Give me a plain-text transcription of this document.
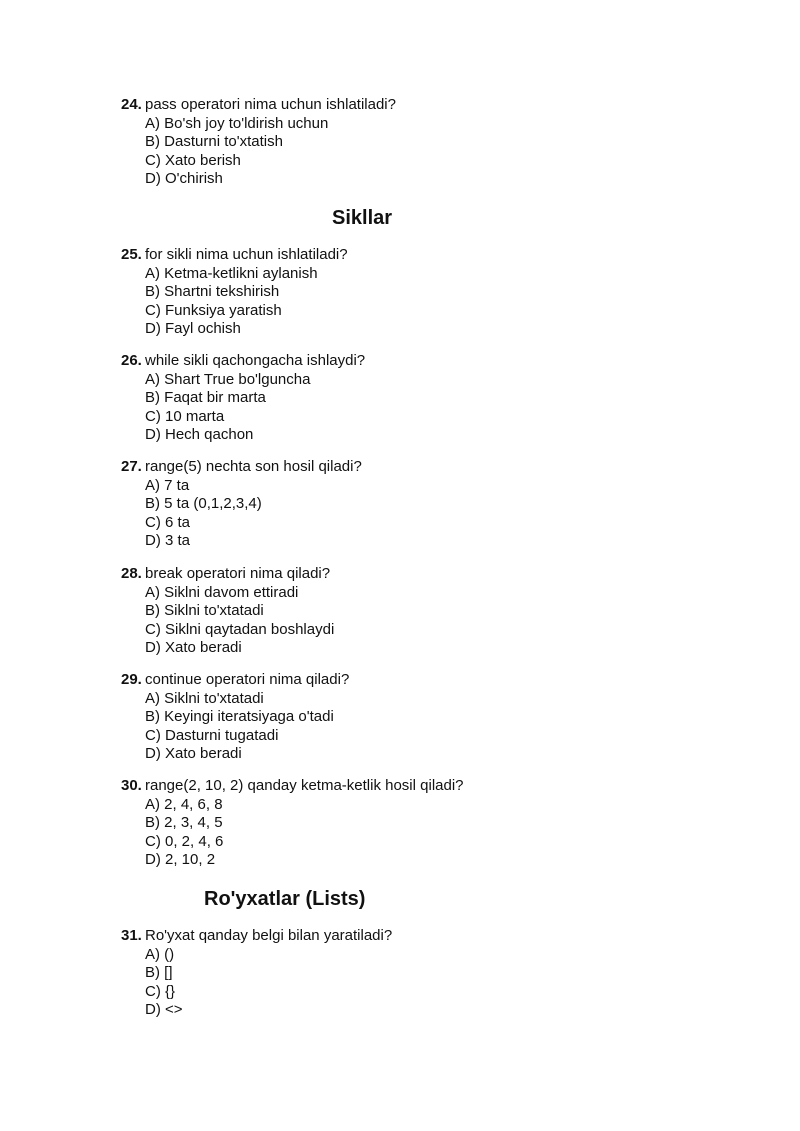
24. pass operatori nima uchun ishlatiladi?
A) Bo'sh joy to'ldirish uchun
B) Dasturni to'xtatish
C) Xato berish
D) O'chirish
Sikllar
25. for sikli nima uchun ishlatiladi?
A) Ketma-ketlikni aylanish
B) Shartni tekshirish
C) Funksiya yaratish
D) Fayl ochish
26. while sikli qachongacha ishlaydi?
A) Shart True bo'lguncha
B) Faqat bir marta
C) 10 marta
D) Hech qachon
27. range(5) nechta son hosil qiladi?
A) 7 ta
B) 5 ta (0,1,2,3,4)
C) 6 ta
D) 3 ta
28. break operatori nima qiladi?
A) Siklni davom ettiradi
B) Siklni to'xtatadi
C) Siklni qaytadan boshlaydi
D) Xato beradi
29. continue operatori nima qiladi?
A) Siklni to'xtatadi
B) Keyingi iteratsiyaga o'tadi
C) Dasturni tugatadi
D) Xato beradi
30. range(2, 10, 2) qanday ketma-ketlik hosil qiladi?
A) 2, 4, 6, 8
B) 2, 3, 4, 5
C) 0, 2, 4, 6
D) 2, 10, 2
Ro'yxatlar (Lists)
31. Ro'yxat qanday belgi bilan yaratiladi?
A) ()
B) []
C) {}
D) <>
